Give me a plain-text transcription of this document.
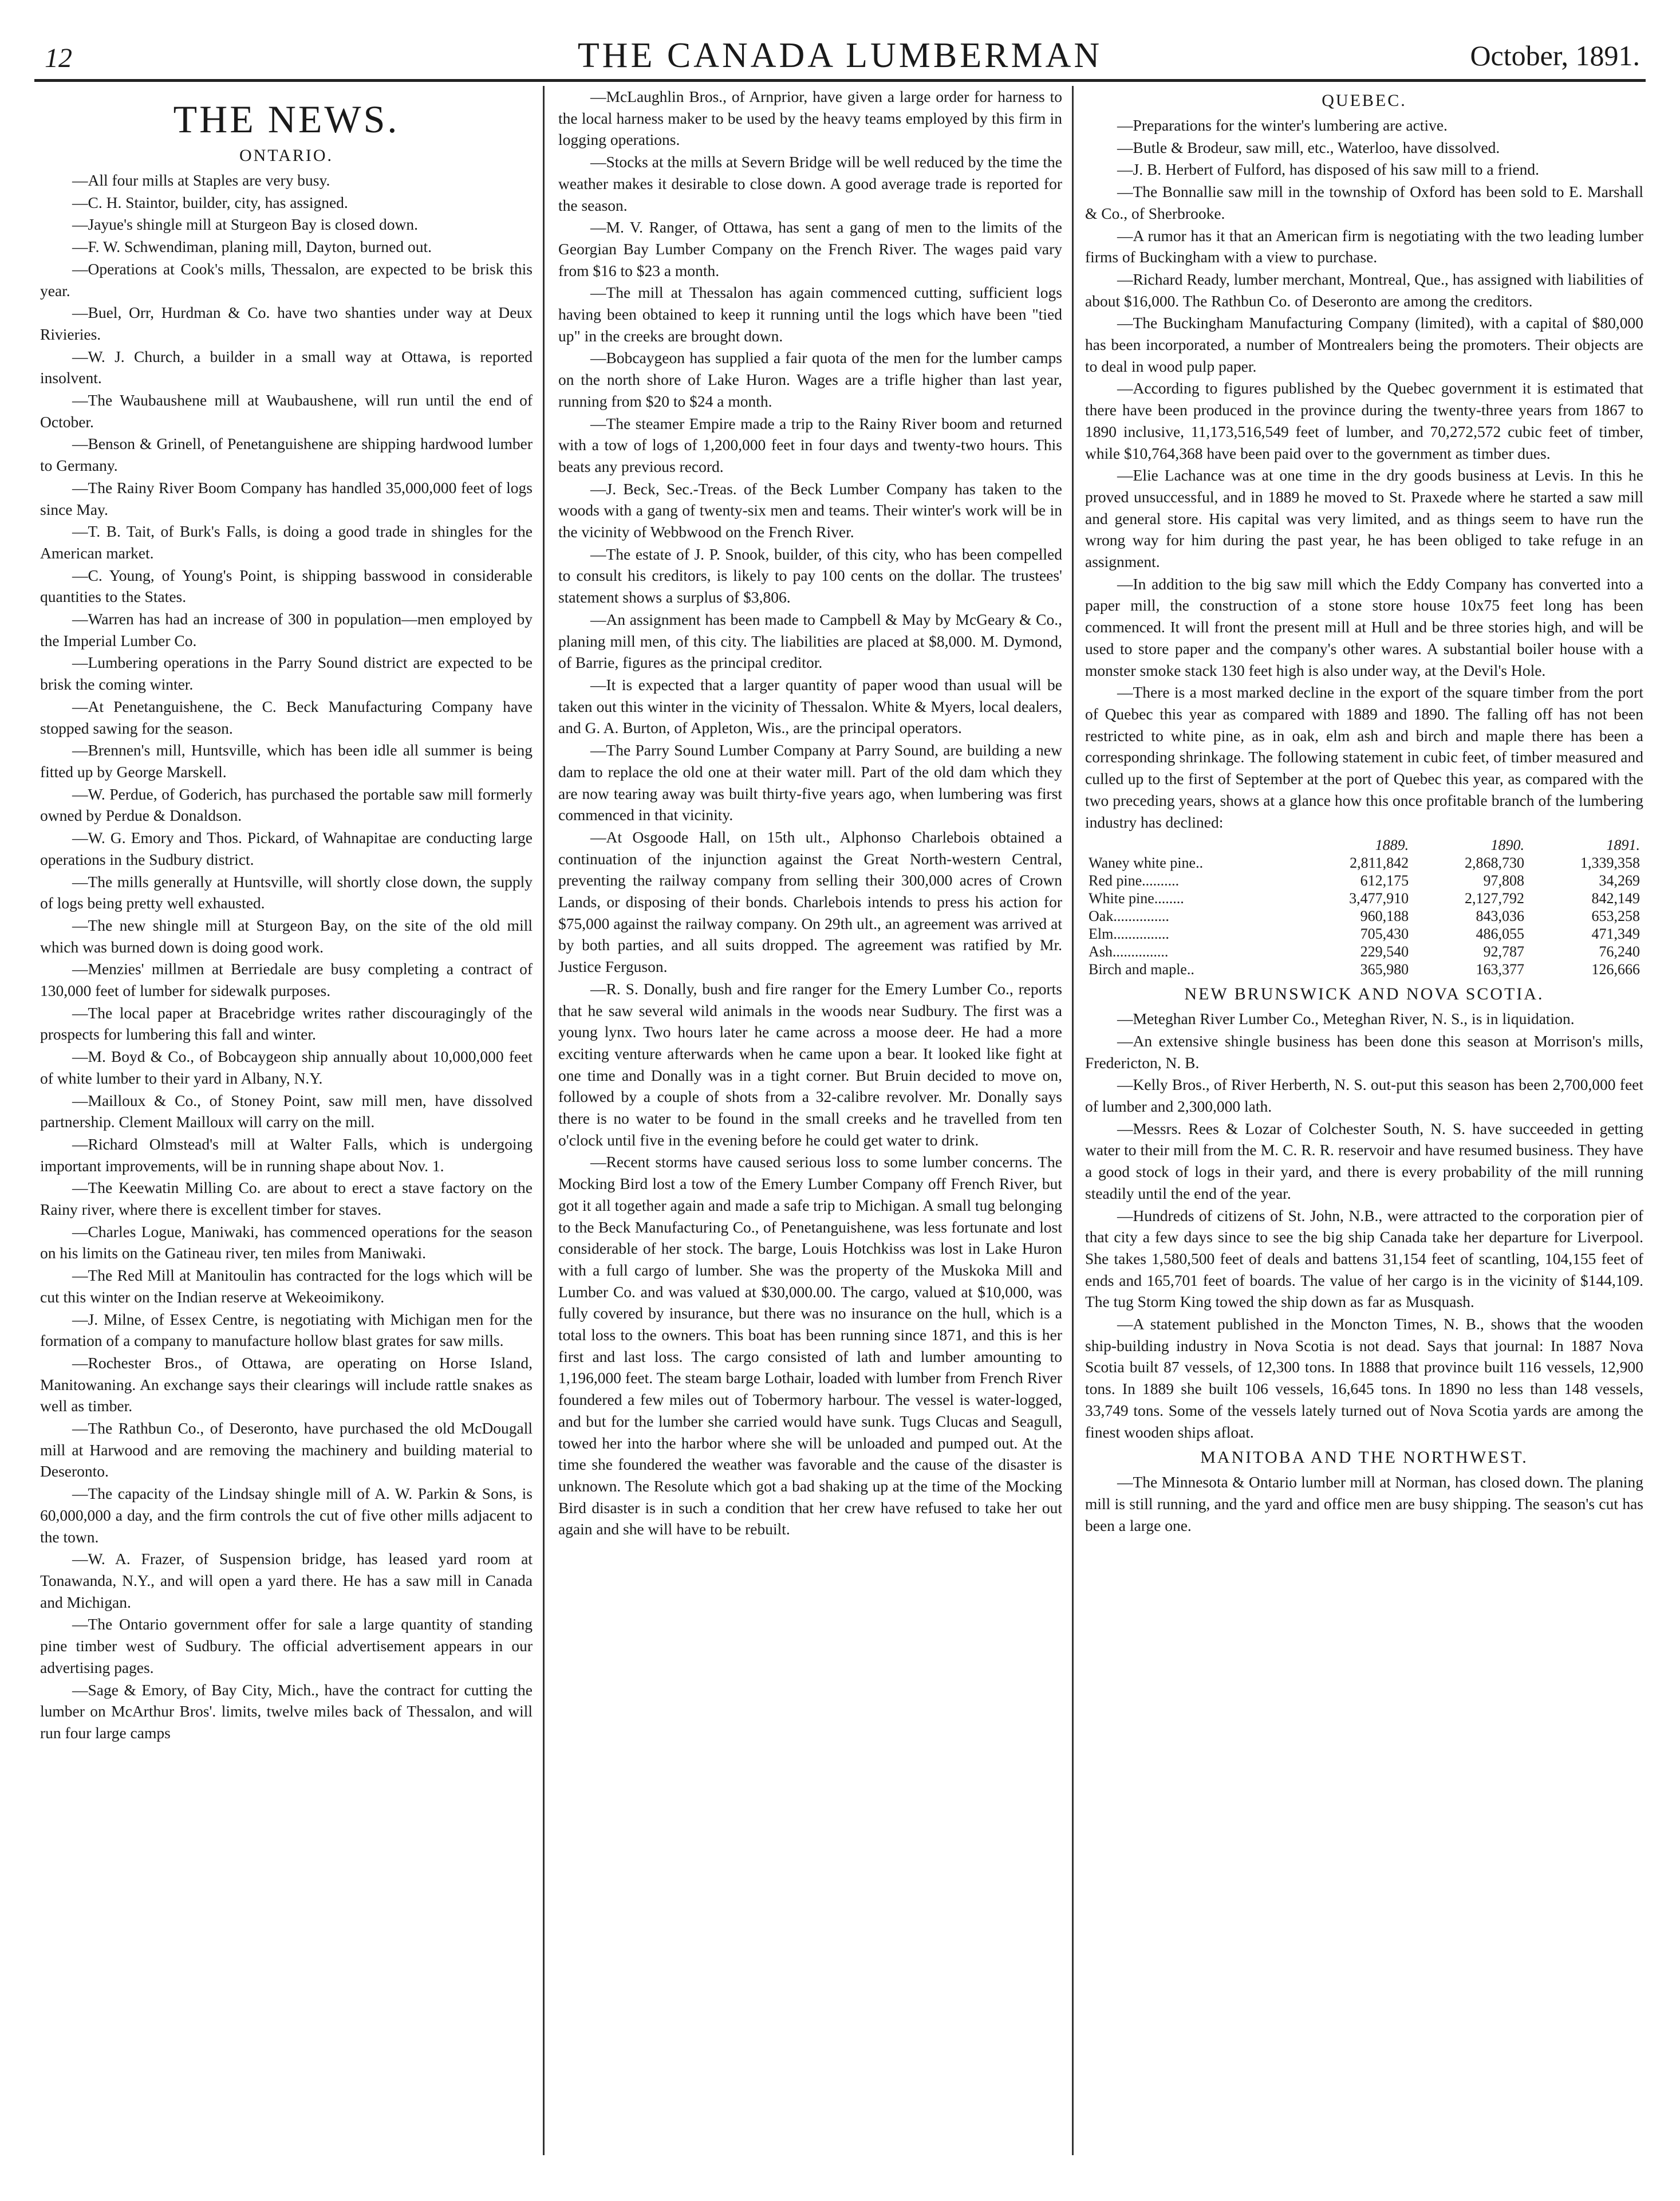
12	THE CANADA LUMBERMAN	October, 1891.
THE NEWS.
ONTARIO.

—All four mills at Staples are very busy.

—C. H. Staintor, builder, city, has assigned.

—Jayue's shingle mill at Sturgeon Bay is closed down.

—F. W. Schwendiman, planing mill, Dayton, burned out.

—Operations at Cook's mills, Thessalon, are expected to be brisk this year.

—Buel, Orr, Hurdman & Co. have two shanties under way at Deux Rivieries.

—W. J. Church, a builder in a small way at Ottawa, is reported insolvent.

—The Waubaushene mill at Waubaushene, will run until the end of October.

—Benson & Grinell, of Penetanguishene are shipping hardwood lumber to Germany.

—The Rainy River Boom Company has handled 35,000,000 feet of logs since May.

—T. B. Tait, of Burk's Falls, is doing a good trade in shingles for the American market.

—C. Young, of Young's Point, is shipping basswood in considerable quantities to the States.

—Warren has had an increase of 300 in population—men employed by the Imperial Lumber Co.

—Lumbering operations in the Parry Sound district are expected to be brisk the coming winter.

—At Penetanguishene, the C. Beck Manufacturing Company have stopped sawing for the season.

—Brennen's mill, Huntsville, which has been idle all summer is being fitted up by George Marskell.

—W. Perdue, of Goderich, has purchased the portable saw mill formerly owned by Perdue & Donaldson.

—W. G. Emory and Thos. Pickard, of Wahnapitae are conducting large operations in the Sudbury district.

—The mills generally at Huntsville, will shortly close down, the supply of logs being pretty well exhausted.

—The new shingle mill at Sturgeon Bay, on the site of the old mill which was burned down is doing good work.

—Menzies' millmen at Berriedale are busy completing a contract of 130,000 feet of lumber for sidewalk purposes.

—The local paper at Bracebridge writes rather discouragingly of the prospects for lumbering this fall and winter.

—M. Boyd & Co., of Bobcaygeon ship annually about 10,000,000 feet of white lumber to their yard in Albany, N.Y.

—Mailloux & Co., of Stoney Point, saw mill men, have dissolved partnership. Clement Mailloux will carry on the mill.

—Richard Olmstead's mill at Walter Falls, which is undergoing important improvements, will be in running shape about Nov. 1.

—The Keewatin Milling Co. are about to erect a stave factory on the Rainy river, where there is excellent timber for staves.

—Charles Logue, Maniwaki, has commenced operations for the season on his limits on the Gatineau river, ten miles from Maniwaki.

—The Red Mill at Manitoulin has contracted for the logs which will be cut this winter on the Indian reserve at Wekeoimikony.

—J. Milne, of Essex Centre, is negotiating with Michigan men for the formation of a company to manufacture hollow blast grates for saw mills.

—Rochester Bros., of Ottawa, are operating on Horse Island, Manitowaning. An exchange says their clearings will include rattle snakes as well as timber.

—The Rathbun Co., of Deseronto, have purchased the old McDougall mill at Harwood and are removing the machinery and building material to Deseronto.

—The capacity of the Lindsay shingle mill of A. W. Parkin & Sons, is 60,000,000 a day, and the firm controls the cut of five other mills adjacent to the town.

—W. A. Frazer, of Suspension bridge, has leased yard room at Tonawanda, N.Y., and will open a yard there. He has a saw mill in Canada and Michigan.

—The Ontario government offer for sale a large quantity of standing pine timber west of Sudbury. The official advertisement appears in our advertising pages.

—Sage & Emory, of Bay City, Mich., have the contract for cutting the lumber on McArthur Bros'. limits, twelve miles back of Thessalon, and will run four large camps

—McLaughlin Bros., of Arnprior, have given a large order for harness to the local harness maker to be used by the heavy teams employed by this firm in logging operations.

—Stocks at the mills at Severn Bridge will be well reduced by the time the weather makes it desirable to close down. A good average trade is reported for the season.

—M. V. Ranger, of Ottawa, has sent a gang of men to the limits of the Georgian Bay Lumber Company on the French River. The wages paid vary from $16 to $23 a month.

—The mill at Thessalon has again commenced cutting, sufficient logs having been obtained to keep it running until the logs which have been "tied up" in the creeks are brought down.

—Bobcaygeon has supplied a fair quota of the men for the lumber camps on the north shore of Lake Huron. Wages are a trifle higher than last year, running from $20 to $24 a month.

—The steamer Empire made a trip to the Rainy River boom and returned with a tow of logs of 1,200,000 feet in four days and twenty-two hours. This beats any previous record.

—J. Beck, Sec.-Treas. of the Beck Lumber Company has taken to the woods with a gang of twenty-six men and teams. Their winter's work will be in the vicinity of Webbwood on the French River.

—The estate of J. P. Snook, builder, of this city, who has been compelled to consult his creditors, is likely to pay 100 cents on the dollar. The trustees' statement shows a surplus of $3,806.

—An assignment has been made to Campbell & May by McGeary & Co., planing mill men, of this city. The liabilities are placed at $8,000. M. Dymond, of Barrie, figures as the principal creditor.

—It is expected that a larger quantity of paper wood than usual will be taken out this winter in the vicinity of Thessalon. White & Myers, local dealers, and G. A. Burton, of Appleton, Wis., are the principal operators.

—The Parry Sound Lumber Company at Parry Sound, are building a new dam to replace the old one at their water mill. Part of the old dam which they are now tearing away was built thirty-five years ago, when lumbering was first commenced in that vicinity.

—At Osgoode Hall, on 15th ult., Alphonso Charlebois obtained a continuation of the injunction against the Great North-western Central, preventing the railway company from selling their 300,000 acres of Crown Lands, or disposing of their bonds. Charlebois intends to press his action for $75,000 against the railway company. On 29th ult., an agreement was arrived at by both parties, and all suits dropped. The agreement was ratified by Mr. Justice Ferguson.

—R. S. Donally, bush and fire ranger for the Emery Lumber Co., reports that he saw several wild animals in the woods near Sudbury. The first was a young lynx. Two hours later he came across a moose deer. He had a more exciting venture afterwards when he came upon a bear. It looked like fight at one time and Donally was in a tight corner. But Bruin decided to move on, followed by a couple of shots from a 32-calibre revolver. Mr. Donally says there is no water to be found in the small creeks and he travelled from ten o'clock until five in the evening before he could get water to drink.

—Recent storms have caused serious loss to some lumber concerns. The Mocking Bird lost a tow of the Emery Lumber Company off French River, but got it all together again and made a safe trip to Michigan. A small tug belonging to the Beck Manufacturing Co., of Penetanguishene, was less fortunate and lost considerable of her stock. The barge, Louis Hotchkiss was lost in Lake Huron with a full cargo of lumber. She was the property of the Muskoka Mill and Lumber Co. and was valued at $30,000.00. The cargo, valued at $10,000, was fully covered by insurance, but there was no insurance on the hull, which is a total loss to the owners. This boat has been running since 1871, and this is her first and last loss. The cargo consisted of lath and lumber amounting to 1,196,000 feet. The steam barge Lothair, loaded with lumber from French River foundered a few miles out of Tobermory harbour. The vessel is water-logged, and but for the lumber she carried would have sunk. Tugs Clucas and Seagull, towed her into the harbor where she will be unloaded and pumped out. At the time she foundered the weather was favorable and the cause of the disaster is unknown. The Resolute which got a bad shaking up at the time of the Mocking Bird disaster is in such a condition that her crew have refused to take her out again and she will have to be rebuilt.

QUEBEC.

—Preparations for the winter's lumbering are active.

—Butle & Brodeur, saw mill, etc., Waterloo, have dissolved.

—J. B. Herbert of Fulford, has disposed of his saw mill to a friend.

—The Bonnallie saw mill in the township of Oxford has been sold to E. Marshall & Co., of Sherbrooke.

—A rumor has it that an American firm is negotiating with the two leading lumber firms of Buckingham with a view to purchase.

—Richard Ready, lumber merchant, Montreal, Que., has assigned with liabilities of about $16,000. The Rathbun Co. of Deseronto are among the creditors.

—The Buckingham Manufacturing Company (limited), with a capital of $80,000 has been incorporated, a number of Montrealers being the promoters. Their objects are to deal in wood pulp paper.

—According to figures published by the Quebec government it is estimated that there have been produced in the province during the twenty-three years from 1867 to 1890 inclusive, 11,173,516,549 feet of lumber, and 70,272,572 cubic feet of timber, while $10,764,368 have been paid over to the government as timber dues.

—Elie Lachance was at one time in the dry goods business at Levis. In this he proved unsuccessful, and in 1889 he moved to St. Praxede where he started a saw mill and general store. His capital was very limited, and as things seem to have run the wrong way for him during the past year, he has been obliged to take refuge in an assignment.

—In addition to the big saw mill which the Eddy Company has converted into a paper mill, the construction of a stone store house 10x75 feet long has been commenced. It will front the present mill at Hull and be three stories high, and will be used to store paper and the company's other wares. A substantial boiler house with a monster smoke stack 130 feet high is also under way, at the Devil's Hole.

—There is a most marked decline in the export of the square timber from the port of Quebec this year as compared with 1889 and 1890. The falling off has not been restricted to white pine, as in oak, elm ash and birch and maple there has been a corresponding shrinkage. The following statement in cubic feet, of timber measured and culled up to the first of September at the port of Quebec this year, as compared with the two preceding years, shows at a glance how this once profitable branch of the lumbering industry has declined:

	1889.	1890.	1891.
Waney white pine..	2,811,842	2,868,730	1,339,358
Red pine..........	612,175	97,808	34,269
White pine........	3,477,910	2,127,792	842,149
Oak...............	960,188	843,036	653,258
Elm...............	705,430	486,055	471,349
Ash...............	229,540	92,787	76,240
Birch and maple..	365,980	163,377	126,666
NEW BRUNSWICK AND NOVA SCOTIA.

—Meteghan River Lumber Co., Meteghan River, N. S., is in liquidation.

—An extensive shingle business has been done this season at Morrison's mills, Fredericton, N. B.

—Kelly Bros., of River Herberth, N. S. out-put this season has been 2,700,000 feet of lumber and 2,300,000 lath.

—Messrs. Rees & Lozar of Colchester South, N. S. have succeeded in getting water to their mill from the M. C. R. R. reservoir and have resumed business. They have a good stock of logs in their yard, and there is every probability of the mill running steadily until the end of the year.

—Hundreds of citizens of St. John, N.B., were attracted to the corporation pier of that city a few days since to see the big ship Canada take her departure for Liverpool. She takes 1,580,500 feet of deals and battens 31,154 feet of scantling, 104,155 feet of ends and 165,701 feet of boards. The value of her cargo is in the vicinity of $144,109. The tug Storm King towed the ship down as far as Musquash.

—A statement published in the Moncton Times, N. B., shows that the wooden ship-building industry in Nova Scotia is not dead. Says that journal: In 1887 Nova Scotia built 87 vessels, of 12,300 tons. In 1888 that province built 116 vessels, 12,900 tons. In 1889 she built 106 vessels, 16,645 tons. In 1890 no less than 148 vessels, 33,749 tons. Some of the vessels lately turned out of Nova Scotia yards are among the finest wooden ships afloat.

MANITOBA AND THE NORTHWEST.

—The Minnesota & Ontario lumber mill at Norman, has closed down. The planing mill is still running, and the yard and office men are busy shipping. The season's cut has been a large one.
